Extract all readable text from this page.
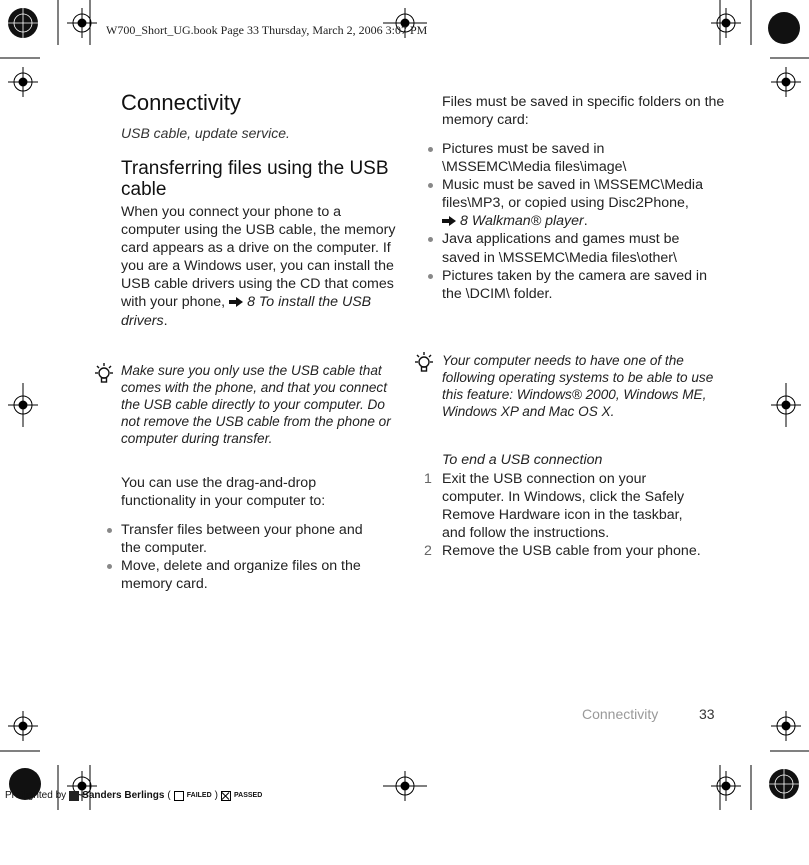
W700_Short_UG.book Page 33 Thursday, March 2, 2006 3:07 PM
Connectivity
USB cable, update service.
Transferring files using the USB cable
When you connect your phone to a computer using the USB cable, the memory card appears as a drive on the computer. If you are a Windows user, you can install the USB cable drivers using the CD that comes with your phone, 8 To install the USB drivers.
Make sure you only use the USB cable that comes with the phone, and that you connect the USB cable directly to your computer. Do not remove the USB cable from the phone or computer during transfer.
You can use the drag-and-drop functionality in your computer to:
Transfer files between your phone and the computer.
Move, delete and organize files on the memory card.
Files must be saved in specific folders on the memory card:
Pictures must be saved in \MSSEMC\Media files\image\
Music must be saved in \MSSEMC\Media files\MP3, or copied using Disc2Phone,
8 Walkman® player.
Java applications and games must be saved in \MSSEMC\Media files\other\
Pictures taken by the camera are saved in the \DCIM\ folder.
Your computer needs to have one of the following operating systems to be able to use this feature: Windows® 2000, Windows ME, Windows XP and Mac OS X.
To end a USB connection
1 Exit the USB connection on your computer. In Windows, click the Safely Remove Hardware icon in the taskbar, and follow the instructions.
2 Remove the USB cable from your phone.
Connectivity	33
Preflighted by Sanders Berlings ( FAILED ) PASSED
